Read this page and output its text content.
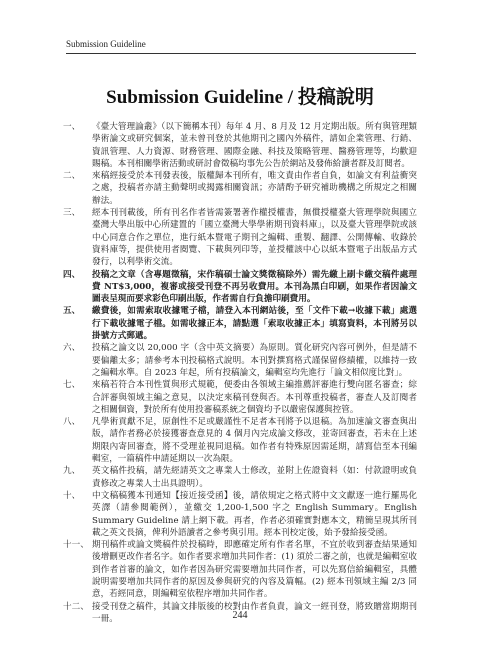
Submission Guideline
Submission Guideline / 投稿說明
一、	《臺大管理論叢》（以下簡稱本刊）每年 4 月、8 月及 12 月定期出版。所有與管理類學術論文或研究個案，並未曾刊登於其他期刊之國內外稿件，請如企業管理、行銷、資訊管理、人力資源、財務管理、國際金融、科技及策略管理、醫務管理等，均歡迎賜稿。本刊相關學術活動或研討會徵稿均事先公告於網站及發佈給讀者群及訂閱者。
二、	來稿經接受於本刊發表後，版權歸本刊所有，唯文責由作者自負，如論文有利益衝突之處，投稿者亦請主動聲明或揭露相關資訊；亦請酌予研究補助機構之所規定之相關辦法。
三、	經本刊刊載後，所有刊名作者皆需簽署著作權授權書，無償授權臺大管理學院與國立臺灣大學出版中心所建置的「國立臺灣大學學術期刊資料庫」，以及臺大管理學院或該中心同意合作之單位，進行紙本暨電子期刊之編輯、重製、翻譯、公開傳輸、收錄於資料庫等，提供使用者閱覽、下載與列印等，並授權該中心以紙本暨電子出版品方式發行，以利學術交流。
四、	投稿之文章（含專題徵稿，宋作稿碩士論文獎徵稿除外）需先繳上刷卡繳交稿件處理費 NT$3,000，複審或接受刊登不再另收費用。本刊為黑白印刷，如果作者因論文圖表呈現而要求彩色印刷出版，作者需自行負擔印刷費用。
五、	繳費後，如需索取收據電子檔，請登入本刊網站後，至「文件下載→收據下載」處選行下載收據電子檔。如需收據正本，請點選「索取收據正本」填寫資料，本刊將另以掛號方式郵遞。
六、	投稿之論文以 20,000 字（含中英文摘要）為原則。質化研究內容可例外，但是請不要偏離太多；請參考本刊投稿格式說明。本刊對撰寫格式謹保留修績權，以維持一致之編輯水準。自 2023 年起，所有投稿論文，編輯室均先進行「論文相似度比對」。
七、	來稿若符合本刊性質與形式規範，便委由各領域主編推薦評審進行雙向匿名審查；綜合評審與領域主編之意見，以決定來稿刊登與否。本刊尊重投稿者，審查人及訂閱者之相關個資，對於所有使用投審稿系統之個資均予以嚴密保護與控管。
八、	凡學術貢獻不足，原創性不足或嚴謹性不足者本刊將予以退稿。為加速論文審查與出版，請作者務必於接獲審查意見的 4 個月內完成論文修改，並寄回審查，若未在上述期限內寄回審查，將不受理並視同退稿。如作者有特殊原因需延期，請寫信至本刊編輯室，一篇稿件申請延期以一次為限。
九、	英文稿件投稿，請先經請英文之專業人士修改，並附上佐證資料（如：付款證明或負責修改之專業人士出具證明）。
十、	中文稿稿獲本刊通知【接近接受函】後，請依規定之格式將中文文獻逐一進行羅馬化英譯（請參閱範例），並繳交 1,200-1,500 字之 English Summary。English Summary Guideline 請上網下載。再者，作者必須確實對應本文，精簡呈現其所刊載之英文長摘，俾利外語讀者之參考與引用。經本刊校定後，始予發給接受函。
十一、 期刊稿件或論文獎稿件於投稿時，即應確定所有作者名單，不宜於收到審查結果通知後增刪更改作者名字。如作者要求增加共同作者：(1) 須於二審之前，也就是編輯室收到作者首審的論文，如作者因為研究需要增加共同作者，可以先寫信給編輯室，具體說明需要增加共同作者的原因及參與研究的內容及篇幅。(2) 經本刊領域主編 2/3 同意，若經同意，則編輯室依程序增加共同作者。
十二、 接受刊登之稿件，其論文排版後的校對由作者負責，論文一經刊登，將致贈當期期刊一冊。	244
